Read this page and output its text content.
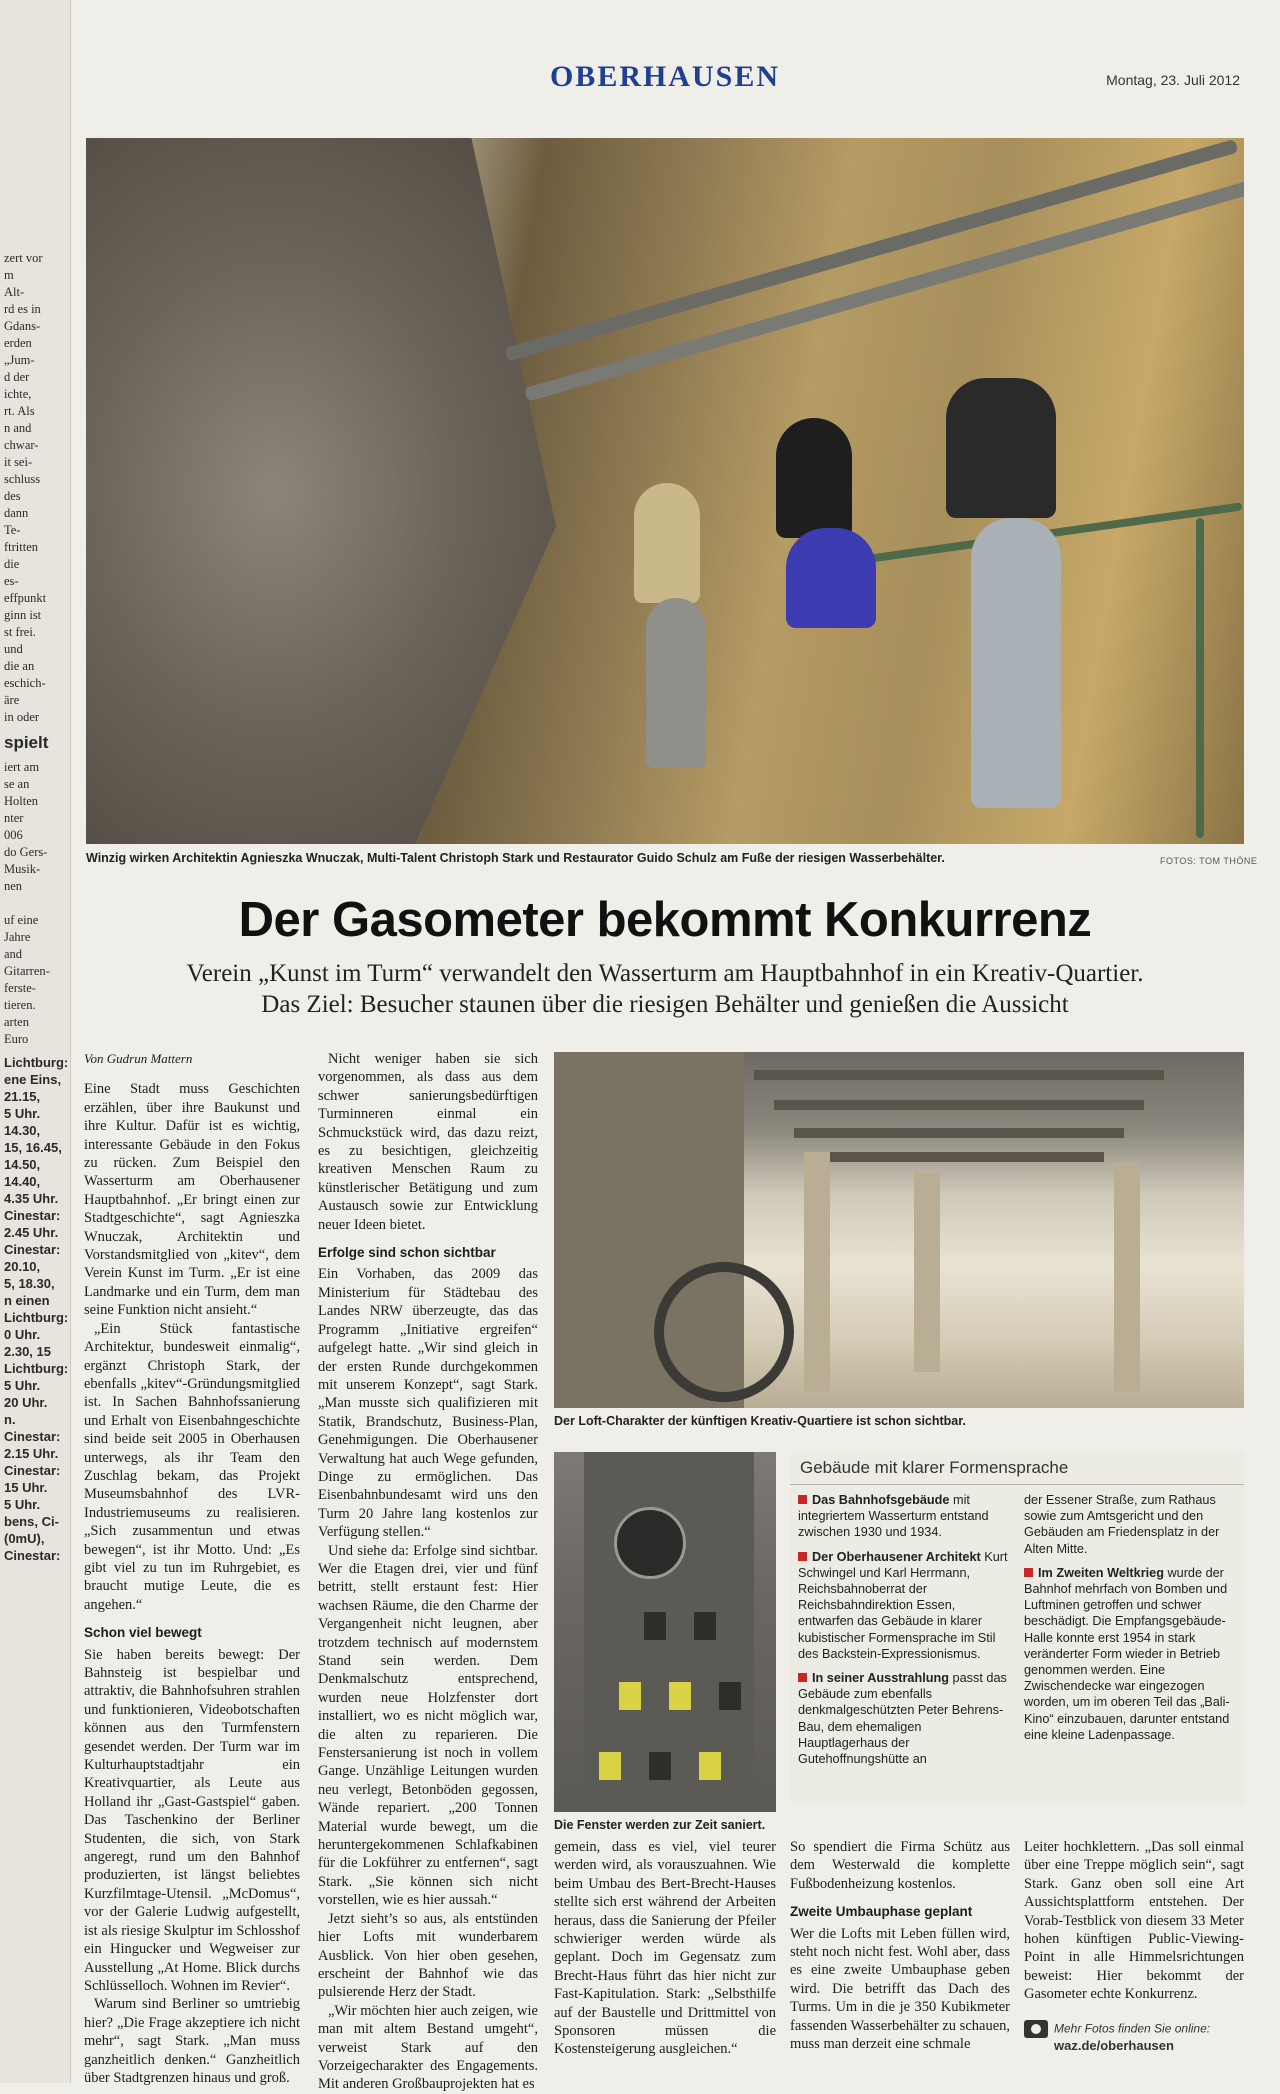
zert vor
m
Alt-
rd es in
Gdans-
erden
„Jum-
d der
ichte,
rt. Als
n and
chwar-
it sei-
schluss
des
dann
Te-
ftritten
die
es-
effpunkt
ginn ist
st frei.
und
die an
eschich-
äre
in oder
spielt
iert am
se an
Holten
nter
006
do Gers-
Musik-
nen

uf eine
Jahre
and
Gitarren-
ferste-
tieren.
arten
Euro
Lichtburg:
ene Eins,
21.15,
5 Uhr.
14.30,
15, 16.45,
14.50,
14.40,
4.35 Uhr.
Cinestar:
2.45 Uhr.
Cinestar:
20.10,
5, 18.30,
n einen
Lichtburg:
0 Uhr.
2.30, 15
Lichtburg:
5 Uhr.
20 Uhr.
n.
Cinestar:
2.15 Uhr.
Cinestar:
15 Uhr.
5 Uhr.
bens, Ci-
(0mU),
Cinestar:
OBERHAUSEN	Montag, 23. Juli 2012
Winzig wirken Architektin Agnieszka Wnuczak, Multi-Talent Christoph Stark und Restaurator Guido Schulz am Fuße der riesigen Wasserbehälter.	FOTOS: TOM THÖNE
Der Gasometer bekommt Konkurrenz
Verein „Kunst im Turm“ verwandelt den Wasserturm am Hauptbahnhof in ein Kreativ-Quartier.
Das Ziel: Besucher staunen über die riesigen Behälter und genießen die Aussicht

Von Gudrun Mattern

Eine Stadt muss Geschichten erzählen, über ihre Baukunst und ihre Kultur. Dafür ist es wichtig, interessante Gebäude in den Fokus zu rücken. Zum Beispiel den Wasserturm am Oberhausener Hauptbahnhof. „Er bringt einen zur Stadtgeschichte“, sagt Agnieszka Wnuczak, Architektin und Vorstandsmitglied von „kitev“, dem Verein Kunst im Turm. „Er ist eine Landmarke und ein Turm, dem man seine Funktion nicht ansieht.“

„Ein Stück fantastische Architektur, bundesweit einmalig“, ergänzt Christoph Stark, der ebenfalls „kitev“-Gründungsmitglied ist. In Sachen Bahnhofssanierung und Erhalt von Eisenbahngeschichte sind beide seit 2005 in Oberhausen unterwegs, als ihr Team den Zuschlag bekam, das Projekt Museumsbahnhof des LVR-Industriemuseums zu realisieren. „Sich zusammentun und etwas bewegen“, ist ihr Motto. Und: „Es gibt viel zu tun im Ruhrgebiet, es braucht mutige Leute, die es angehen.“

Schon viel bewegt

Sie haben bereits bewegt: Der Bahnsteig ist bespielbar und attraktiv, die Bahnhofsuhren strahlen und funktionieren, Videobotschaften können aus den Turmfenstern gesendet werden. Der Turm war im Kulturhauptstadtjahr ein Kreativquartier, als Leute aus Holland ihr „Gast-Gastspiel“ gaben. Das Taschenkino der Berliner Studenten, die sich, von Stark angeregt, rund um den Bahnhof produzierten, ist längst beliebtes Kurzfilmtage-Utensil. „McDomus“, vor der Galerie Ludwig aufgestellt, ist als riesige Skulptur im Schlosshof ein Hingucker und Wegweiser zur Ausstellung „At Home. Blick durchs Schlüsselloch. Wohnen im Revier“.

Warum sind Berliner so umtriebig hier? „Die Frage akzeptiere ich nicht mehr“, sagt Stark. „Man muss ganzheitlich denken.“ Ganzheitlich über Stadtgrenzen hinaus und groß.

Nicht weniger haben sie sich vorgenommen, als dass aus dem schwer sanierungsbedürftigen Turminneren einmal ein Schmuckstück wird, das dazu reizt, es zu besichtigen, gleichzeitig kreativen Menschen Raum zu künstlerischer Betätigung und zum Austausch sowie zur Entwicklung neuer Ideen bietet.

Erfolge sind schon sichtbar

Ein Vorhaben, das 2009 das Ministerium für Städtebau des Landes NRW überzeugte, das das Programm „Initiative ergreifen“ aufgelegt hatte. „Wir sind gleich in der ersten Runde durchgekommen mit unserem Konzept“, sagt Stark. „Man musste sich qualifizieren mit Statik, Brandschutz, Business-Plan, Genehmigungen. Die Oberhausener Verwaltung hat auch Wege gefunden, Dinge zu ermöglichen. Das Eisenbahnbundesamt wird uns den Turm 20 Jahre lang kostenlos zur Verfügung stellen.“

Und siehe da: Erfolge sind sichtbar. Wer die Etagen drei, vier und fünf betritt, stellt erstaunt fest: Hier wachsen Räume, die den Charme der Vergangenheit nicht leugnen, aber trotzdem technisch auf modernstem Stand sein werden. Dem Denkmalschutz entsprechend, wurden neue Holzfenster dort installiert, wo es nicht möglich war, die alten zu reparieren. Die Fenstersanierung ist noch in vollem Gange. Unzählige Leitungen wurden neu verlegt, Betonböden gegossen, Wände repariert. „200 Tonnen Material wurde bewegt, um die heruntergekommenen Schlafkabinen für die Lokführer zu entfernen“, sagt Stark. „Sie können sich nicht vorstellen, wie es hier aussah.“

Jetzt sieht’s so aus, als entstünden hier Lofts mit wunderbarem Ausblick. Von hier oben gesehen, erscheint der Bahnhof wie das pulsierende Herz der Stadt.

„Wir möchten hier auch zeigen, wie man mit altem Bestand umgeht“, verweist Stark auf den Vorzeigecharakter des Engagements. Mit anderen Großbauprojekten hat es

Der Loft-Charakter der künftigen Kreativ-Quartiere ist schon sichtbar.
Die Fenster werden zur Zeit saniert.
Gebäude mit klarer Formensprache

Das Bahnhofsgebäude mit integriertem Wasserturm entstand zwischen 1930 und 1934.

Der Oberhausener Architekt Kurt Schwingel und Karl Herrmann, Reichsbahnoberrat der Reichsbahndirektion Essen, entwarfen das Gebäude in klarer kubistischer Formensprache im Stil des Backstein-Expressionismus.

In seiner Ausstrahlung passt das Gebäude zum ebenfalls denkmalgeschützten Peter Behrens-Bau, dem ehemaligen Hauptlagerhaus der Gutehoffnungshütte an

der Essener Straße, zum Rathaus sowie zum Amtsgericht und den Gebäuden am Friedensplatz in der Alten Mitte.

Im Zweiten Weltkrieg wurde der Bahnhof mehrfach von Bomben und Luftminen getroffen und schwer beschädigt. Die Empfangsgebäude-Halle konnte erst 1954 in stark veränderter Form wieder in Betrieb genommen werden. Eine Zwischendecke war eingezogen worden, um im oberen Teil das „Bali-Kino“ einzubauen, darunter entstand eine kleine Ladenpassage.

gemein, dass es viel, viel teurer werden wird, als vorauszuahnen. Wie beim Umbau des Bert-Brecht-Hauses stellte sich erst während der Arbeiten heraus, dass die Sanierung der Pfeiler schwieriger werden würde als geplant. Doch im Gegensatz zum Brecht-Haus führt das hier nicht zur Fast-Kapitulation. Stark: „Selbsthilfe auf der Baustelle und Drittmittel von Sponsoren müssen die Kostensteigerung ausgleichen.“

So spendiert die Firma Schütz aus dem Westerwald die komplette Fußbodenheizung kostenlos.

Zweite Umbauphase geplant

Wer die Lofts mit Leben füllen wird, steht noch nicht fest. Wohl aber, dass es eine zweite Umbauphase geben wird. Die betrifft das Dach des Turms. Um in die je 350 Kubikmeter fassenden Wasserbehälter zu schauen, muss man derzeit eine schmale

Leiter hochklettern. „Das soll einmal über eine Treppe möglich sein“, sagt Stark. Ganz oben soll eine Art Aussichtsplattform entstehen. Der Vorab-Testblick von diesem 33 Meter hohen künftigen Public-Viewing-Point in alle Himmelsrichtungen beweist: Hier bekommt der Gasometer echte Konkurrenz.

Mehr Fotos finden Sie online:
waz.de/oberhausen
